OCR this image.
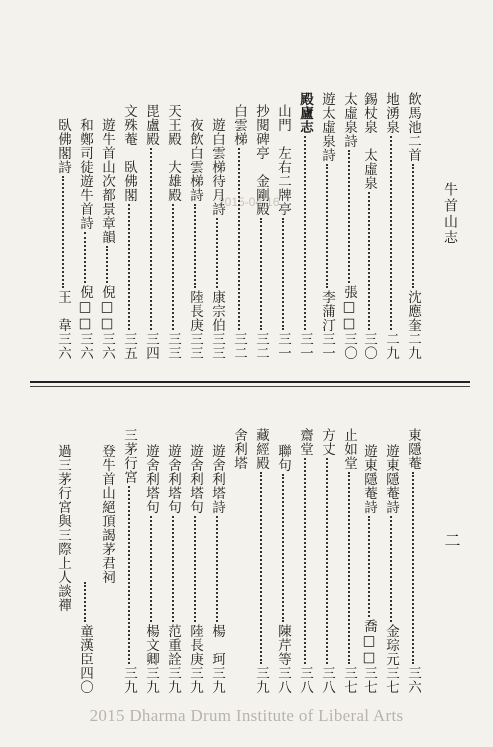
牛首山志
二
2015-04-16
飲馬池二首
沈應奎
二九
地湧泉
二九
錫杖泉　太虛泉
三〇
太虛泉詩
張□□
三〇
遊太虛泉詩
李蒲汀
三一
殿廬志
三一
山門　左右二牌亭
三一
抄閱碑亭　金剛殿
三二
白雲梯
三二
遊白雲梯待月詩
康宗伯
三三
夜飲白雲梯詩
陸長庚
三三
天王殿　大雄殿
三三
毘盧殿
三四
文殊菴　臥佛閣
三五
遊牛首山次都景章韻
倪□□
三六
和鄭司徒遊牛首詩
倪□□
三六
臥佛閣詩
王　韋
三六
東隱菴
三六
遊東隱菴詩
金琮元
三七
遊東隱菴詩
喬□□
三七
止如堂
三七
方丈
三八
齋堂
三八
聯句
陳芹等
三八
藏經殿
三九
舍利塔
遊舍利塔詩
楊　珂
三九
遊舍利塔句
陸長庚
三九
遊舍利塔句
范重詮
三九
遊舍利塔句
楊文卿
三九
三茅行宮
三九
登牛首山絕頂謁茅君祠
童漢臣
四〇
過三茅行宮與三際上人談禪
2015 Dharma Drum Institute of Liberal Arts
